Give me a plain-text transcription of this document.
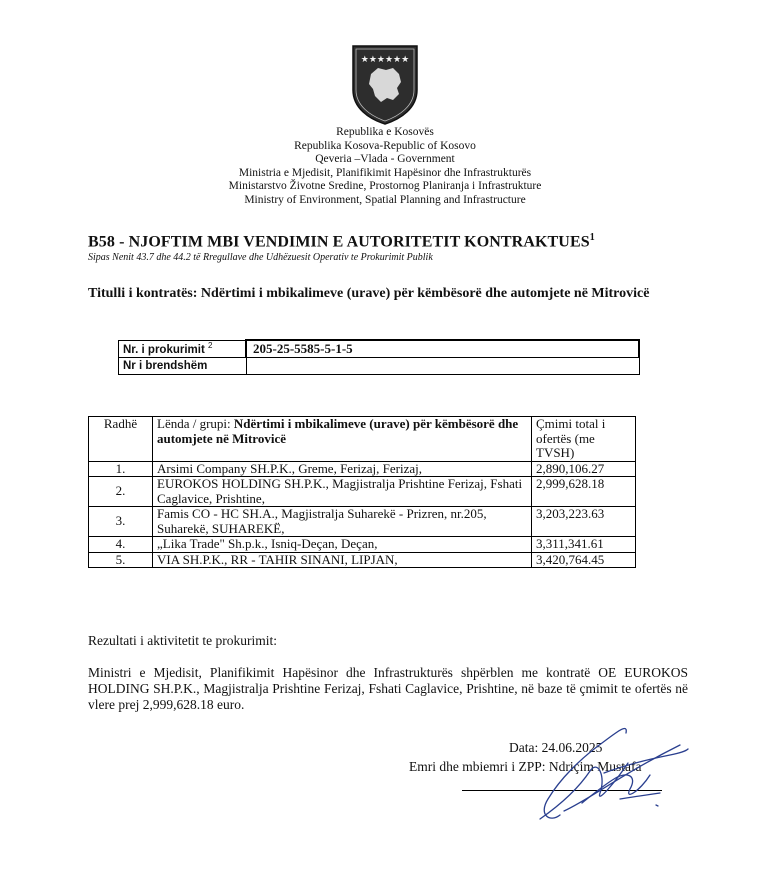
★★★★★★
Republika e Kosovës
Republika Kosova-Republic of Kosovo
Qeveria –Vlada - Government
Ministria e Mjedisit, Planifikimit Hapësinor dhe Infrastrukturës
Ministarstvo Životne Sredine, Prostornog Planiranja i Infrastrukture
Ministry of Environment, Spatial Planning and Infrastructure
B58 - NJOFTIM MBI VENDIMIN E AUTORITETIT KONTRAKTUES$^1$
Sipas Nenit 43.7 dhe 44.2 të Rregullave dhe Udhëzuesit Operativ te Prokurimit Publik
Titulli i kontratës: Ndërtimi i mbikalimeve (urave) për këmbësorë dhe automjete në Mitrovicë
Nr. i prokurimit $^2$	205-25-5585-5-1-5
Nr i brendshëm	
Radhë	Lënda / grupi: Ndërtimi i mbikalimeve (urave) për këmbësorë dhe automjete në Mitrovicë	Çmimi total i ofertës (me TVSH)
1.	Arsimi Company SH.P.K., Greme, Ferizaj, Ferizaj,	2,890,106.27
2.	EUROKOS HOLDING SH.P.K., Magjistralja Prishtine Ferizaj, Fshati Caglavice, Prishtine,	2,999,628.18
3.	Famis CO - HC SH.A., Magjistralja Suharekë - Prizren, nr.205, Suharekë, SUHAREKË,	3,203,223.63
4.	„Lika Trade" Sh.p.k., Isniq-Deçan, Deçan,	3,311,341.61
5.	VIA SH.P.K., RR - TAHIR SINANI, LIPJAN,	3,420,764.45
Rezultati i aktivitetit te prokurimit:
Ministri e Mjedisit, Planifikimit Hapësinor dhe Infrastrukturës shpërblen me kontratë OE EUROKOS HOLDING SH.P.K., Magjistralja Prishtine Ferizaj, Fshati Caglavice, Prishtine, në baze të çmimit te ofertës në vlere prej 2,999,628.18 euro.
Data: 24.06.2025
Emri dhe mbiemri i ZPP: Ndriçim Mustafa
